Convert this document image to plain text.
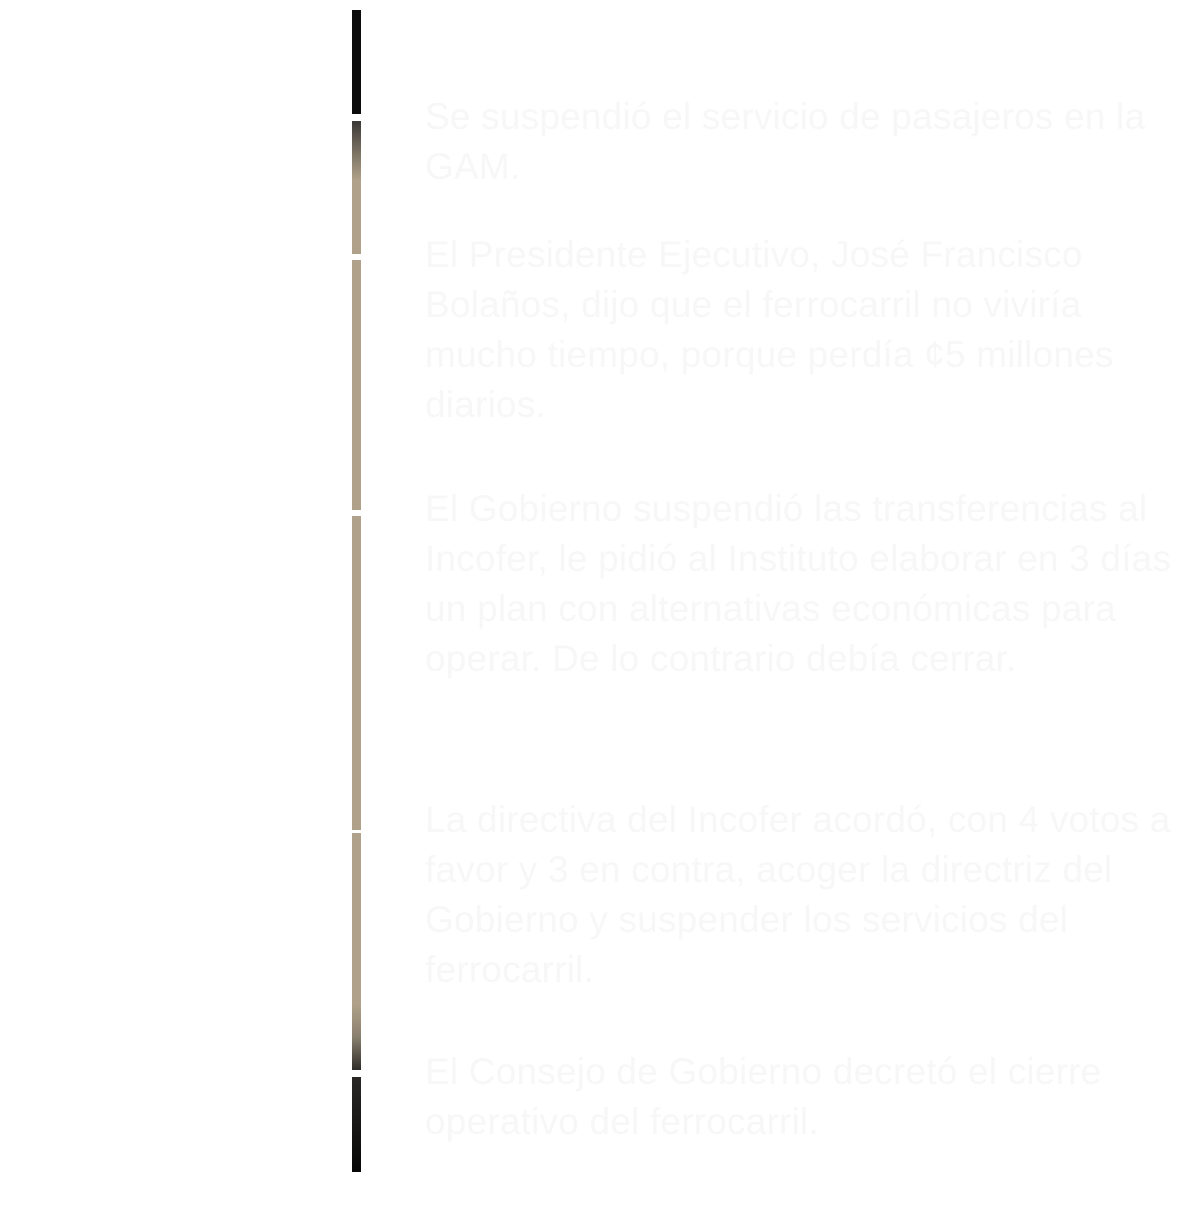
Se suspendió el servicio de pasajeros en la GAM.

El Presidente Ejecutivo, José Francisco Bolaños, dijo que el ferrocarril no viviría mucho tiempo, porque perdía ¢5 millones diarios.

El Gobierno suspendió las transferencias al Incofer, le pidió al Instituto elaborar en 3 días un plan con alternativas económicas para operar. De lo contrario debía cerrar.

La directiva del Incofer acordó, con 4 votos a favor y 3 en contra, acoger la directriz del Gobierno y suspender los servicios del ferrocarril.

El Consejo de Gobierno decretó el cierre operativo del ferrocarril.
